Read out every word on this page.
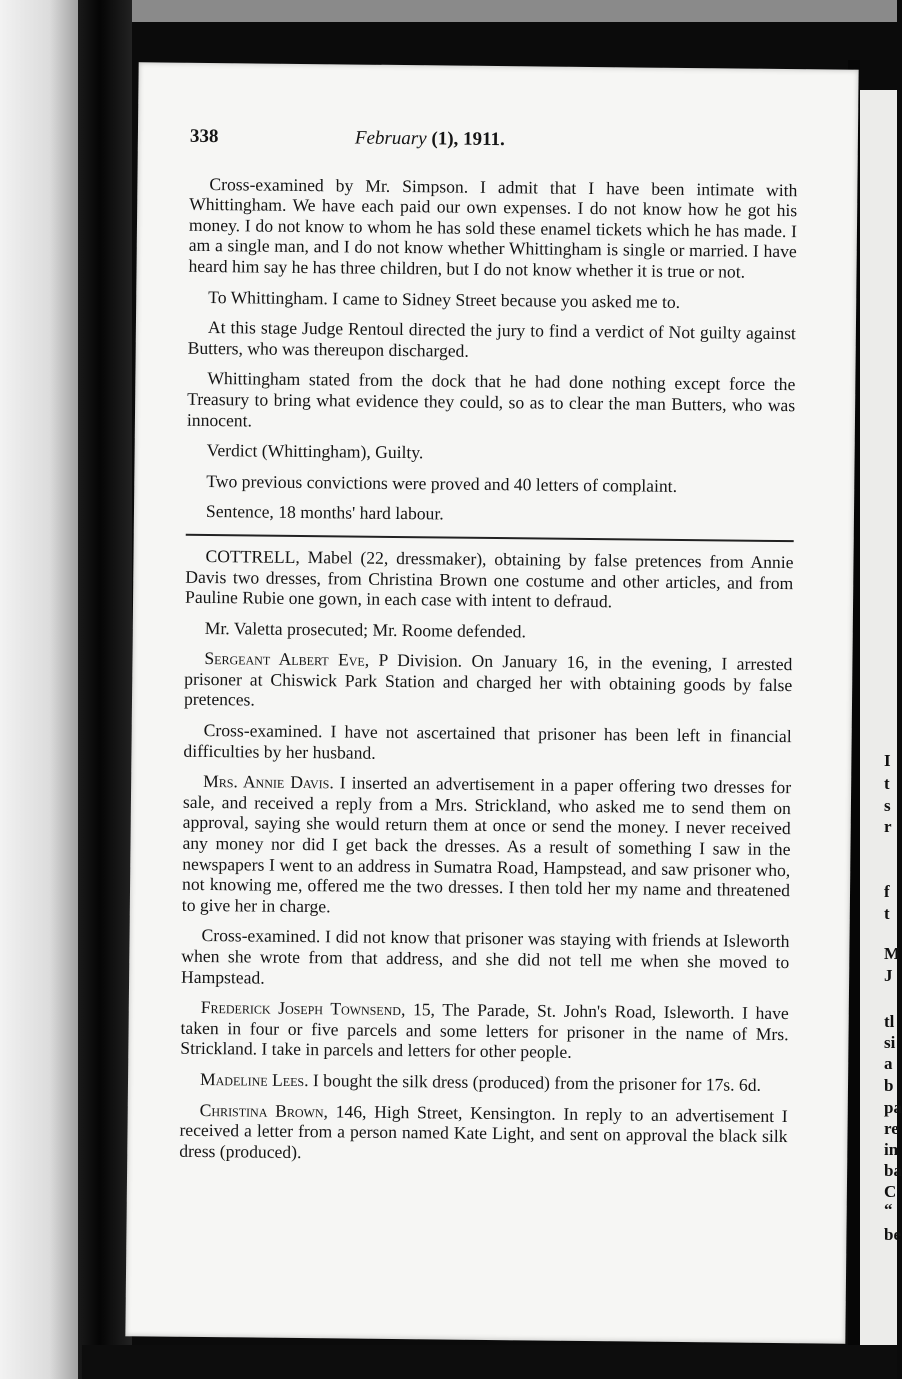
I
t
s
r
f
t
M
J
tl
si
a
b
pa
re
in
ba
C
“
be
338	February (1), 1911.

Cross-examined by Mr. Simpson. I admit that I have been intimate with Whittingham. We have each paid our own expenses. I do not know how he got his money. I do not know to whom he has sold these enamel tickets which he has made. I am a single man, and I do not know whether Whittingham is single or married. I have heard him say he has three children, but I do not know whether it is true or not.

To Whittingham. I came to Sidney Street because you asked me to.

At this stage Judge Rentoul directed the jury to find a verdict of Not guilty against Butters, who was thereupon discharged.

Whittingham stated from the dock that he had done nothing except force the Treasury to bring what evidence they could, so as to clear the man Butters, who was innocent.

Verdict (Whittingham), Guilty.

Two previous convictions were proved and 40 letters of complaint.

Sentence, 18 months' hard labour.

COTTRELL, Mabel (22, dressmaker), obtaining by false pretences from Annie Davis two dresses, from Christina Brown one costume and other articles, and from Pauline Rubie one gown, in each case with intent to defraud.

Mr. Valetta prosecuted; Mr. Roome defended.

Sergeant Albert Eve, P Division. On January 16, in the evening, I arrested prisoner at Chiswick Park Station and charged her with obtaining goods by false pretences.

Cross-examined. I have not ascertained that prisoner has been left in financial difficulties by her husband.

Mrs. Annie Davis. I inserted an advertisement in a paper offering two dresses for sale, and received a reply from a Mrs. Strickland, who asked me to send them on approval, saying she would return them at once or send the money. I never received any money nor did I get back the dresses. As a result of something I saw in the newspapers I went to an address in Sumatra Road, Hampstead, and saw prisoner who, not knowing me, offered me the two dresses. I then told her my name and threatened to give her in charge.

Cross-examined. I did not know that prisoner was staying with friends at Isleworth when she wrote from that address, and she did not tell me when she moved to Hampstead.

Frederick Joseph Townsend, 15, The Parade, St. John's Road, Isleworth. I have taken in four or five parcels and some letters for prisoner in the name of Mrs. Strickland. I take in parcels and letters for other people.

Madeline Lees. I bought the silk dress (produced) from the prisoner for 17s. 6d.

Christina Brown, 146, High Street, Kensington. In reply to an advertisement I received a letter from a person named Kate Light, and sent on approval the black silk dress (produced).
